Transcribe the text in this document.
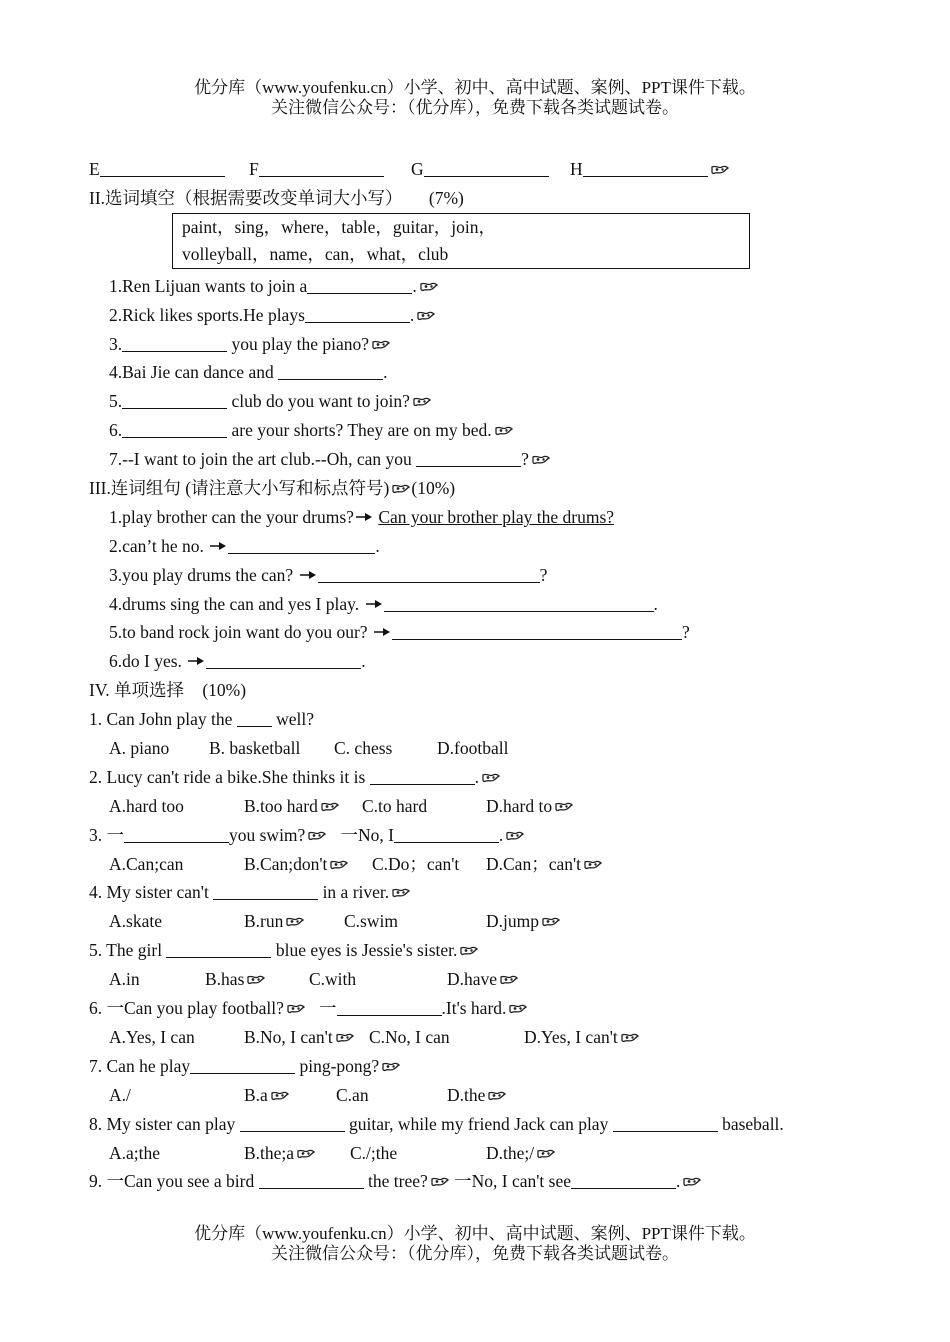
优分库（www.youfenku.cn）小学、初中、高中试题、案例、PPT课件下载。
关注微信公众号：（优分库），免费下载各类试题试卷。
E	F	G	H
II.选词填空（根据需要改变单词大小写） (7%)
paint，sing，where，table，guitar，join，
volleyball，name，can，what，club
1.Ren Lijuan wants to join a	.
2.Rick likes sports.He plays	.
3.	you play the piano?
4.Bai Jie can dance and	.
5.	club do you want to join?
6.	are your shorts? They are on my bed.
7.--I want to join the art club.--Oh, can you	?
III.连词组句 (请注意大小写和标点符号) (10%)
1.play brother can the your drums? Can your brother play the drums?
2.can’t he no.	.
3.you play drums the can?	?
4.drums sing the can and yes I play.	.
5.to band rock join want do you our?	?
6.do I yes.	.
IV. 单项选择 (10%)
1. Can John play the  well?
A. piano B. basketball C. chess	D.football
2. Lucy can't ride a bike.She thinks it is	.
A.hard too	B.too hard	C.to hard	D.hard to
3. 一	you swim? 一No, I	.
A.Can;can	B.Can;don't	C.Do；can't D.Can；can't
4. My sister can't	in a river.
A.skate	B.run	C.swim	D.jump
5. The girl	blue eyes is Jessie's sister.
A.in	B.has	C.with	D.have
6. 一Can you play football? 一	.It's hard.
A.Yes, I can	B.No, I can't	C.No, I can	D.Yes, I can't
7. Can he play	ping-pong?
A./	B.a	C.an	D.the
8. My sister can play	guitar, while my friend Jack can play	baseball.
A.a;the	B.the;a	C./;the	D.the;/
9. 一Can you see a bird	the tree? 一No, I can't see	.
优分库（www.youfenku.cn）小学、初中、高中试题、案例、PPT课件下载。
关注微信公众号：（优分库），免费下载各类试题试卷。
